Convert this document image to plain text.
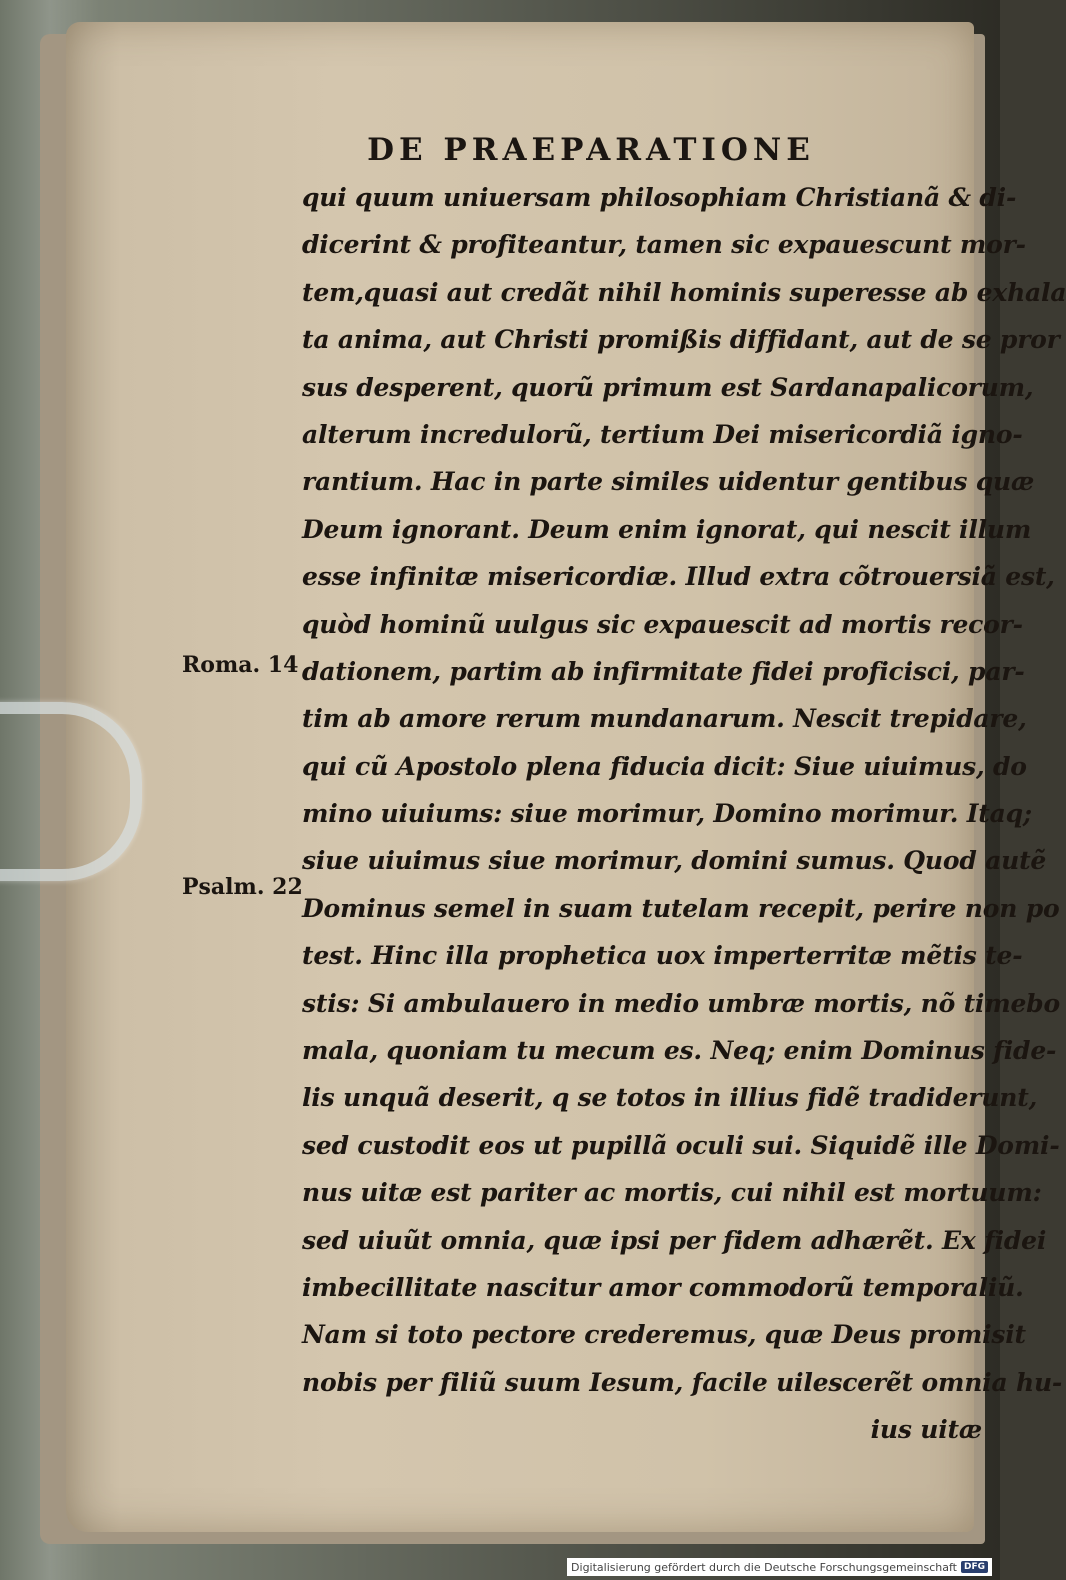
DE PRAEPARATIONE
Roma. 14
Psalm. 22
qui quum uniuersam philosophiam Christianã & di-
dicerint & profiteantur, tamen sic expauescunt mor-
tem,quasi aut credãt nihil hominis superesse ab exhala
ta anima, aut Christi promißis diffidant, aut de se pror
sus desperent, quorũ primum est Sardanapalicorum,
alterum incredulorũ, tertium Dei misericordiã igno-
rantium. Hac in parte similes uidentur gentibus quæ
Deum ignorant. Deum enim ignorat, qui nescit illum
esse infinitæ misericordiæ. Illud extra cõtrouersiã est,
quòd hominũ uulgus sic expauescit ad mortis recor-
dationem, partim ab infirmitate fidei proficisci, par-
tim ab amore rerum mundanarum. Nescit trepidare,
qui cũ Apostolo plena fiducia dicit: Siue uiuimus, do
mino uiuiums: siue morimur, Domino morimur. Itaq;
siue uiuimus siue morimur, domini sumus. Quod autẽ
Dominus semel in suam tutelam recepit, perire non po
test. Hinc illa prophetica uox imperterritæ mẽtis te-
stis: Si ambulauero in medio umbræ mortis, nõ timebo
mala, quoniam tu mecum es. Neq; enim Dominus fide-
lis unquã deserit, q se totos in illius fidẽ tradiderunt,
sed custodit eos ut pupillã oculi sui. Siquidẽ ille Domi-
nus uitæ est pariter ac mortis, cui nihil est mortuum:
sed uiuũt omnia, quæ ipsi per fidem adhærẽt. Ex fidei
imbecillitate nascitur amor commodorũ temporaliũ.
Nam si toto pectore crederemus, quæ Deus promisit
nobis per filiũ suum Iesum, facile uilescerẽt omnia hu-
ius uitæ
Digitalisierung gefördert durch die Deutsche Forschungsgemeinschaft DFG
